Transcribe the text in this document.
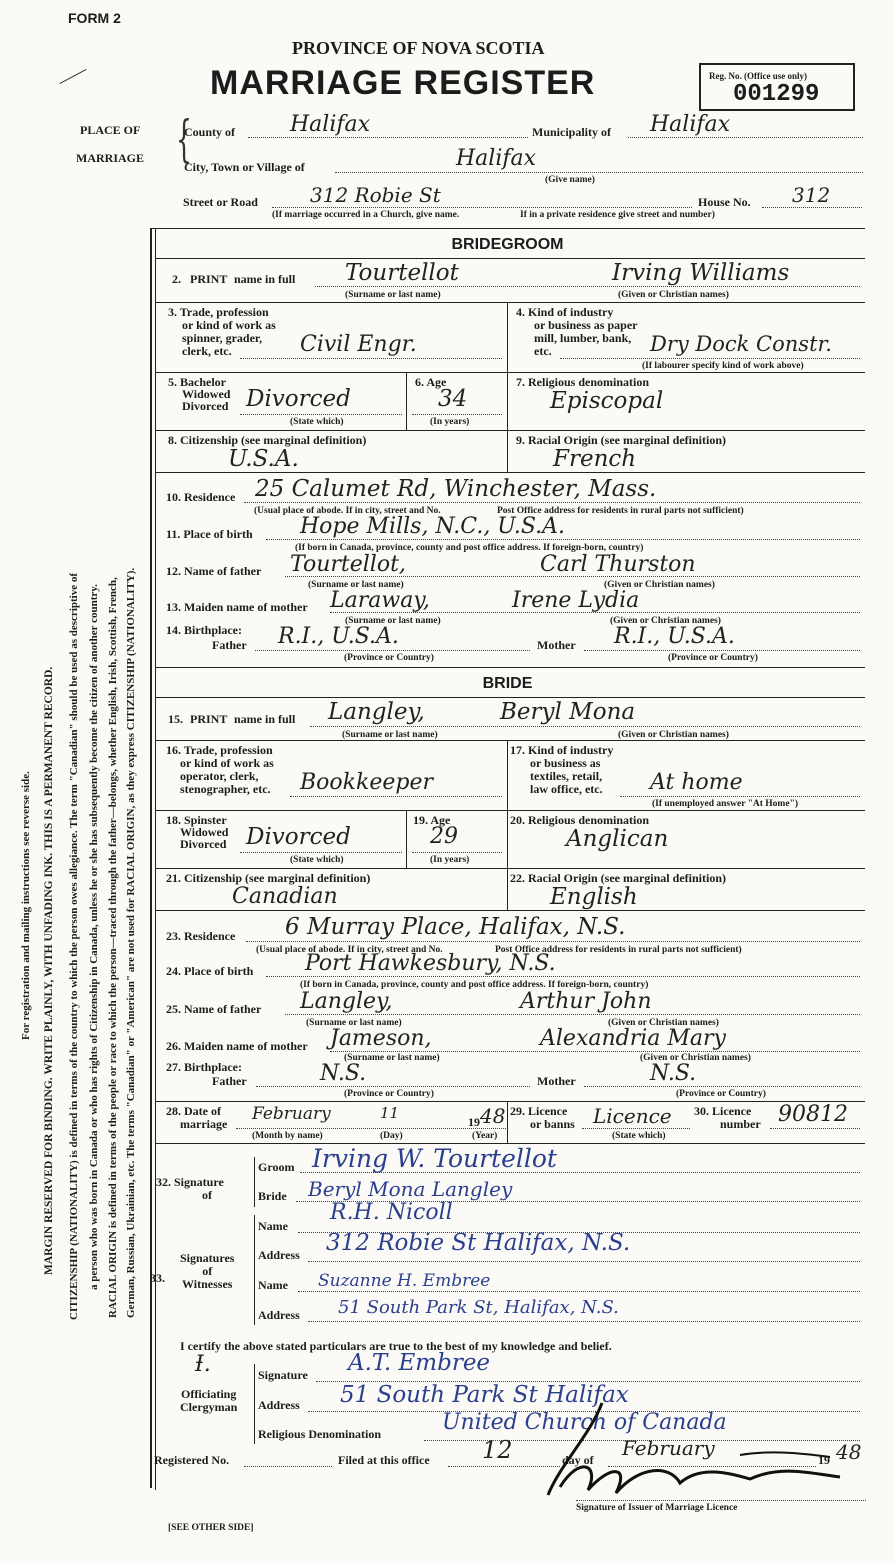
FORM 2
PROVINCE OF NOVA SCOTIA
MARRIAGE REGISTER	Reg. No. (Office use only)
001299
For registration and mailing instructions see reverse side. MARGIN RESERVED FOR BINDING. WRITE PLAINLY, WITH UNFADING INK. THIS IS A PERMANENT RECORD. CITIZENSHIP (NATIONALITY) is defined in terms of the country to which the person owes allegiance. The term "Canadian" should be used as descriptive of a person who was born in Canada or who has rights of Citizenship in Canada, unless he or she has subsequently become the citizen of another country. RACIAL ORIGIN is defined in terms of the people or race to which the person—traced through the father—belongs, whether English, Irish, Scottish, French, German, Russian, Ukrainian, etc. The terms "Canadian" or "American" are not used for RACIAL ORIGIN, as they express CITIZENSHIP (NATIONALITY).
PLACE OF
MARRIAGE {
County of Halifax	Municipality of Halifax
City, Town or Village of	Halifax
(Give name)
Street or Road	312 Robie St
(If marriage occurred in a Church, give name.	If in a private residence give street and number)
House No. 312
BRIDEGROOM
2. PRINT name in full Tourtellot	Irving Williams
(Surname or last name)	(Given or Christian names)
3. Trade, profession
or kind of work as
spinner, grader,
clerk, etc.	Civil Engr.
4. Kind of industry
or business as paper
mill, lumber, bank,
etc.	Dry Dock Constr.
(If labourer specify kind of work above)
5. Bachelor
Widowed
Divorced Divorced
(State which)
6. Age
34
(In years)
7. Religious denomination
Episcopal
8. Citizenship (see marginal definition)
U.S.A.
9. Racial Origin (see marginal definition)
French
10. Residence 25 Calumet Rd, Winchester, Mass.
(Usual place of abode. If in city, street and No.	Post Office address for residents in rural parts not sufficient)
11. Place of birth Hope Mills, N.C., U.S.A.
(If born in Canada, province, county and post office address. If foreign-born, country)
12. Name of father Tourtellot,	Carl Thurston
(Surname or last name)	(Given or Christian names)
13. Maiden name of mother Laraway,	Irene Lydia
(Surname or last name)	(Given or Christian names)
14. Birthplace:
Father R.I., U.S.A.
(Province or Country)
Mother R.I., U.S.A.
(Province or Country)
BRIDE
15. PRINT name in full Langley,	Beryl Mona
(Surname or last name)	(Given or Christian names)
16. Trade, profession
or kind of work as
operator, clerk,
stenographer, etc. Bookkeeper
17. Kind of industry
or business as
textiles, retail,
law office, etc.	At home
(If unemployed answer "At Home")
18. Spinster
Widowed
Divorced Divorced
(State which)
19. Age
29
(In years)
20. Religious denomination
Anglican
21. Citizenship (see marginal definition)
Canadian
22. Racial Origin (see marginal definition)
English
23. Residence 6 Murray Place, Halifax, N.S.
(Usual place of abode. If in city, street and No.	Post Office address for residents in rural parts not sufficient)
24. Place of birth Port Hawkesbury, N.S.
(If born in Canada, province, county and post office address. If foreign-born, country)
25. Name of father Langley,	Arthur John
(Surname or last name)	(Given or Christian names)
26. Maiden name of mother Jameson,	Alexandria Mary
(Surname or last name)	(Given or Christian names)
27. Birthplace:
Father	N.S.
(Province or Country)
Mother	N.S.
(Province or Country)
28. Date of
marriage February	11	19 48
(Month by name)	(Day)	(Year)
29. Licence
or banns Licence
(State which)
30. Licence
number 90812
32. Signature
of
Groom Irving W. Tourtellot
Bride Beryl Mona Langley
33.
Signatures
of
Witnesses
Name
R.H. Nicoll
Address 312 Robie St Halifax, N.S.
Name Suzanne H. Embree
Address 51 South Park St, Halifax, N.S.
I certify the above stated particulars are true to the best of my knowledge and belief.
Ɨ.
Officiating
Clergyman
Signature A.T. Embree
Address 51 South Park St Halifax
Religious Denomination	United Church of Canada
Registered No.	Filed at this office 12	day of February	19 48
Signature of Issuer of Marriage Licence
[SEE OTHER SIDE]
